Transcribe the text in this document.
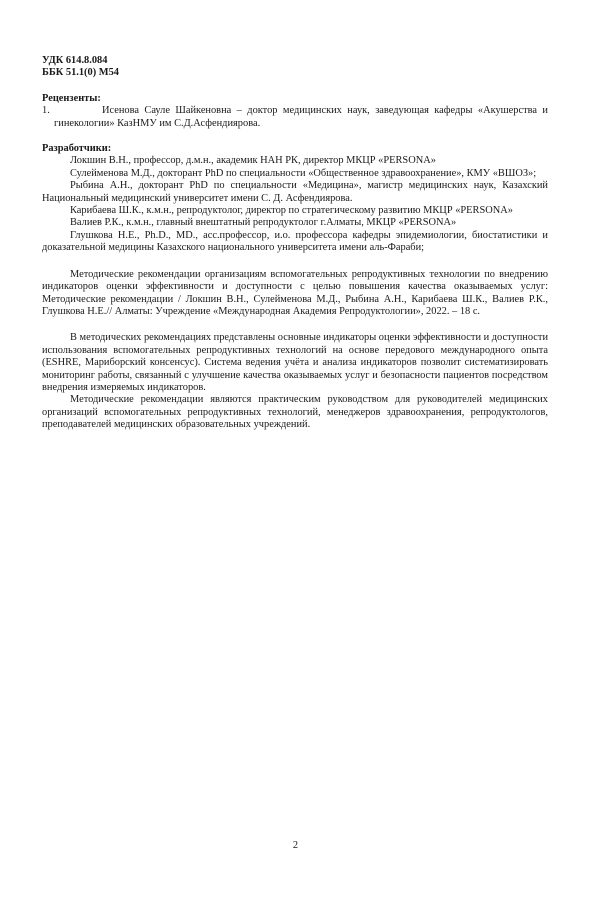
УДК 614.8.084

ББК 51.1(0) М54

Рецензенты:

1.	Исенова Сауле Шайкеновна – доктор медицинских наук, заведующая кафедры «Акушерства и гинекологии» КазНМУ им С.Д.Асфендиярова.

Разработчики:

Локшин В.Н., профессор, д.м.н., академик НАН РК, директор МКЦР «PERSONA»

Сулейменова М.Д., докторант PhD по специальности «Общественное здравоохранение», КМУ «ВШОЗ»;

Рыбина А.Н., докторант PhD по специальности «Медицина», магистр медицинских наук, Казахский Национальный медицинский университет имени С. Д. Асфендиярова.

Карибаева Ш.К., к.м.н., репродуктолог, директор по стратегическому развитию МКЦР «PERSONA»

Валиев Р.К., к.м.н., главный внештатный репродуктолог г.Алматы, МКЦР «PERSONA»

Глушкова Н.Е., Ph.D., MD., асс.профессор, и.о. профессора кафедры эпидемиологии, биостатистики и доказательной медицины Казахского национального университета имени аль-Фараби;

Методические рекомендации организациям вспомогательных репродуктивных технологии по внедрению индикаторов оценки эффективности и доступности с целью повышения качества оказываемых услуг: Методические рекомендации / Локшин В.Н., Сулейменова М.Д., Рыбина А.Н., Карибаева Ш.К., Валиев Р.К., Глушкова Н.Е.// Алматы: Учреждение «Международная Академия Репродуктологии», 2022. – 18 с.

В методических рекомендациях представлены основные индикаторы оценки эффективности и доступности использования вспомогательных репродуктивных технологий на основе передового международного опыта (ESHRE, Мариборский консенсус). Система ведения учёта и анализа индикаторов позволит систематизировать мониторинг работы, связанный с улучшение качества оказываемых услуг и безопасности пациентов посредством внедрения измеряемых индикаторов.

Методические рекомендации являются практическим руководством для руководителей медицинских организаций вспомогательных репродуктивных технологий, менеджеров здравоохранения, репродуктологов, преподавателей медицинских образовательных учреждений.

2
